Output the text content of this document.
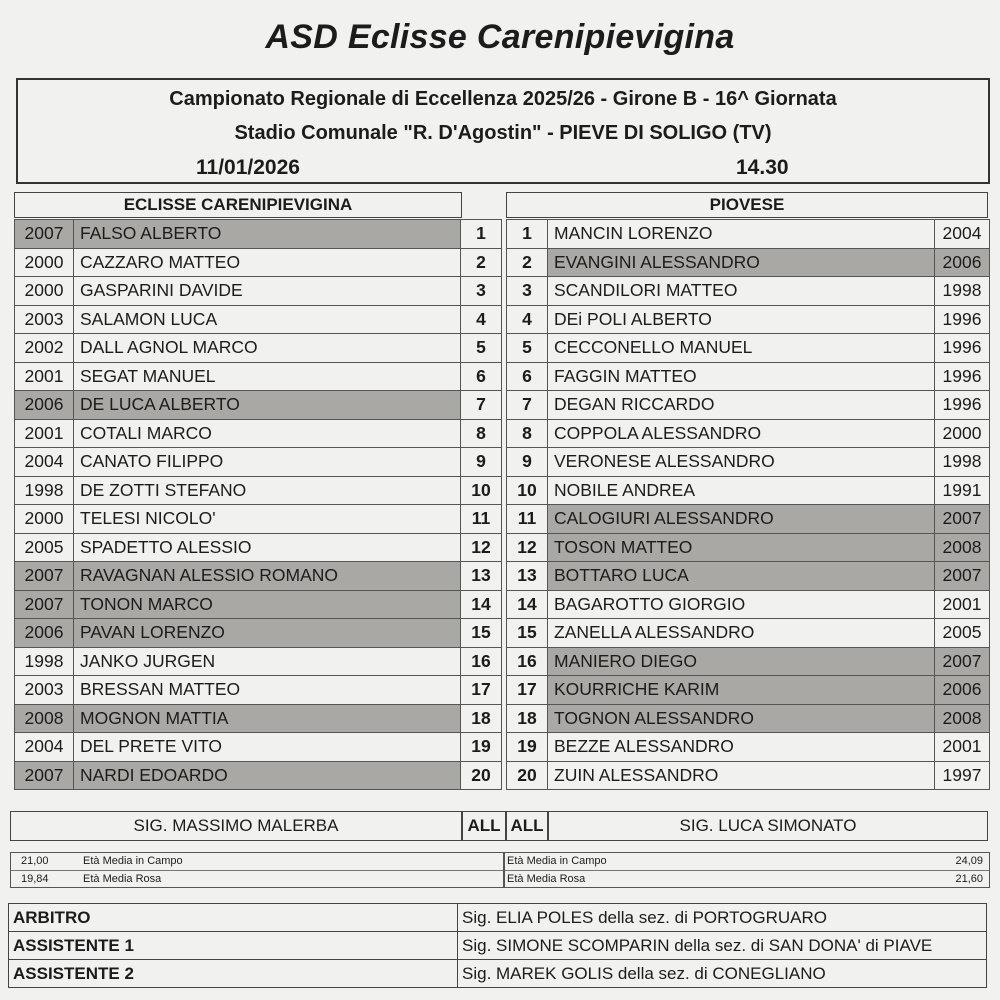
ASD Eclisse Carenipievigina
Campionato Regionale di Eccellenza 2025/26 - Girone B - 16^ Giornata
Stadio Comunale "R. D'Agostin" - PIEVE DI SOLIGO (TV)
11/01/2026	14.30
ECLISSE CARENIPIEVIGINA	PIOVESE
2007	FALSO ALBERTO	1
2000	CAZZARO MATTEO	2
2000	GASPARINI DAVIDE	3
2003	SALAMON LUCA	4
2002	DALL AGNOL MARCO	5
2001	SEGAT MANUEL	6
2006	DE LUCA ALBERTO	7
2001	COTALI MARCO	8
2004	CANATO FILIPPO	9
1998	DE ZOTTI STEFANO	10
2000	TELESI NICOLO'	11
2005	SPADETTO ALESSIO	12
2007	RAVAGNAN ALESSIO ROMANO	13
2007	TONON MARCO	14
2006	PAVAN LORENZO	15
1998	JANKO JURGEN	16
2003	BRESSAN MATTEO	17
2008	MOGNON MATTIA	18
2004	DEL PRETE VITO	19
2007	NARDI EDOARDO	20
1	MANCIN LORENZO	2004
2	EVANGINI ALESSANDRO	2006
3	SCANDILORI MATTEO	1998
4	DEi POLI ALBERTO	1996
5	CECCONELLO MANUEL	1996
6	FAGGIN MATTEO	1996
7	DEGAN RICCARDO	1996
8	COPPOLA ALESSANDRO	2000
9	VERONESE ALESSANDRO	1998
10	NOBILE ANDREA	1991
11	CALOGIURI ALESSANDRO	2007
12	TOSON MATTEO	2008
13	BOTTARO LUCA	2007
14	BAGAROTTO GIORGIO	2001
15	ZANELLA ALESSANDRO	2005
16	MANIERO DIEGO	2007
17	KOURRICHE KARIM	2006
18	TOGNON ALESSANDRO	2008
19	BEZZE ALESSANDRO	2001
20	ZUIN ALESSANDRO	1997
SIG. MASSIMO MALERBA	ALL ALL	SIG. LUCA SIMONATO
21,00	Età Media in Campo
19,84	Età Media Rosa
Età Media in Campo	24,09
Età Media Rosa	21,60
ARBITRO	Sig. ELIA POLES della sez. di PORTOGRUARO
ASSISTENTE 1	Sig. SIMONE SCOMPARIN della sez. di SAN DONA' di PIAVE
ASSISTENTE 2	Sig. MAREK GOLIS della sez. di CONEGLIANO
